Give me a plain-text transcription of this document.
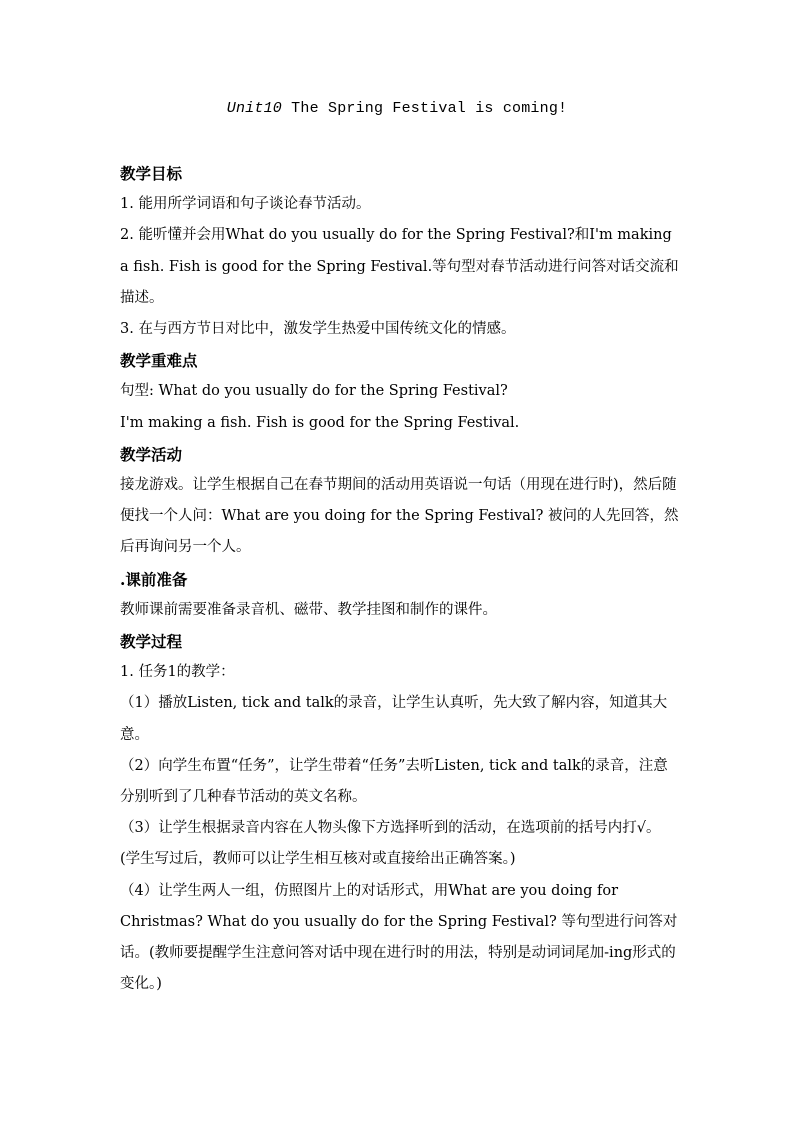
Unit10 The Spring Festival is coming!

教学目标

1. 能用所学词语和句子谈论春节活动。

2. 能听懂并会用What do you usually do for the Spring Festival?和I'm making a fish. Fish is good for the Spring Festival.等句型对春节活动进行问答对话交流和描述。

3. 在与西方节日对比中，激发学生热爱中国传统文化的情感。

教学重难点

句型: What do you usually do for the Spring Festival?

I'm making a fish. Fish is good for the Spring Festival.

教学活动

接龙游戏。让学生根据自己在春节期间的活动用英语说一句话（用现在进行时)，然后随便找一个人问：What are you doing for the Spring Festival? 被问的人先回答，然后再询问另一个人。

.课前准备

教师课前需要准备录音机、磁带、教学挂图和制作的课件。

教学过程

1. 任务1的教学：

（1）播放Listen, tick and talk的录音，让学生认真听，先大致了解内容，知道其大意。

（2）向学生布置“任务”，让学生带着“任务”去听Listen, tick and talk的录音，注意分别听到了几种春节活动的英文名称。

（3）让学生根据录音内容在人物头像下方选择听到的活动，在选项前的括号内打√。(学生写过后，教师可以让学生相互核对或直接给出正确答案。)

（4）让学生两人一组，仿照图片上的对话形式，用What are you doing for Christmas? What do you usually do for the Spring Festival? 等句型进行问答对话。(教师要提醒学生注意问答对话中现在进行时的用法，特别是动词词尾加-ing形式的变化。)
